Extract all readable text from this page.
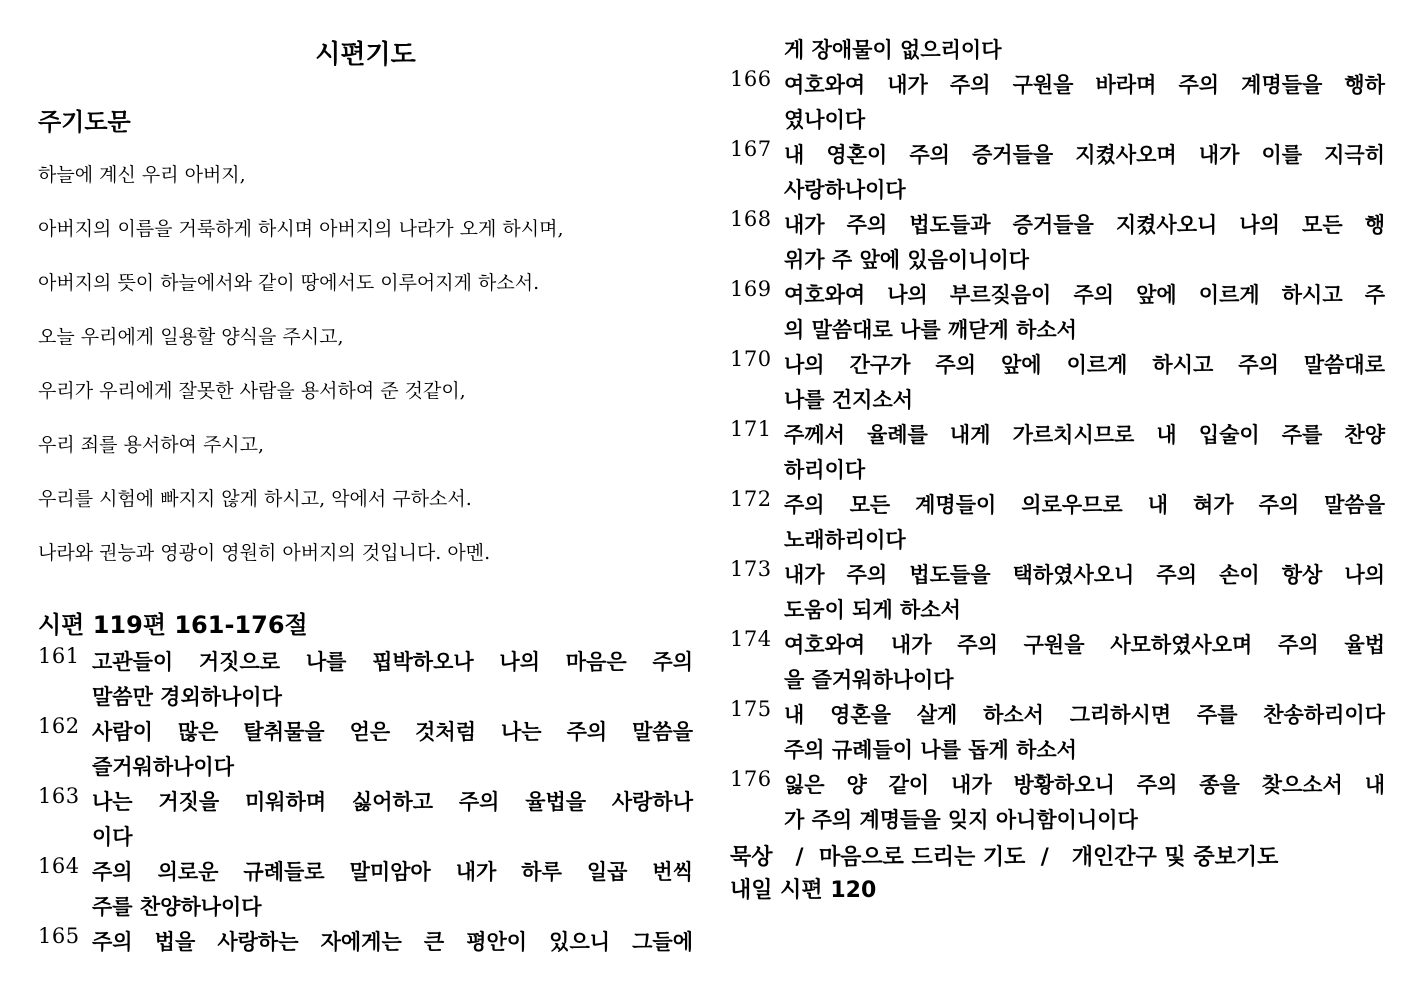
시편기도
주기도문

하늘에 계신 우리 아버지,

아버지의 이름을 거룩하게 하시며 아버지의 나라가 오게 하시며,

아버지의 뜻이 하늘에서와 같이 땅에서도 이루어지게 하소서.

오늘 우리에게 일용할 양식을 주시고,

우리가 우리에게 잘못한 사람을 용서하여 준 것같이,

우리 죄를 용서하여 주시고,

우리를 시험에 빠지지 않게 하시고, 악에서 구하소서.

나라와 권능과 영광이 영원히 아버지의 것입니다. 아멘.

시편 119편 161-176절
161 고관들이 거짓으로 나를 핍박하오나 나의 마음은 주의
말씀만 경외하나이다
162 사람이 많은 탈취물을 얻은 것처럼 나는 주의 말씀을
즐거워하나이다
163 나는 거짓을 미워하며 싫어하고 주의 율법을 사랑하나
이다
164 주의 의로운 규례들로 말미암아 내가 하루 일곱 번씩
주를 찬양하나이다
165 주의 법을 사랑하는 자에게는 큰 평안이 있으니 그들에
게 장애물이 없으리이다
166 여호와여 내가 주의 구원을 바라며 주의 계명들을 행하
였나이다
167 내 영혼이 주의 증거들을 지켰사오며 내가 이를 지극히
사랑하나이다
168 내가 주의 법도들과 증거들을 지켰사오니 나의 모든 행
위가 주 앞에 있음이니이다
169 여호와여 나의 부르짖음이 주의 앞에 이르게 하시고 주
의 말씀대로 나를 깨닫게 하소서
170 나의 간구가 주의 앞에 이르게 하시고 주의 말씀대로
나를 건지소서
171 주께서 율례를 내게 가르치시므로 내 입술이 주를 찬양
하리이다
172 주의 모든 계명들이 의로우므로 내 혀가 주의 말씀을
노래하리이다
173 내가 주의 법도들을 택하였사오니 주의 손이 항상 나의
도움이 되게 하소서
174 여호와여 내가 주의 구원을 사모하였사오며 주의 율법
을 즐거워하나이다
175 내 영혼을 살게 하소서 그리하시면 주를 찬송하리이다
주의 규례들이 나를 돕게 하소서
176 잃은 양 같이 내가 방황하오니 주의 종을 찾으소서 내
가 주의 계명들을 잊지 아니함이니이다

묵상   /  마음으로 드리는 기도  /   개인간구 및 중보기도

내일 시편 120
